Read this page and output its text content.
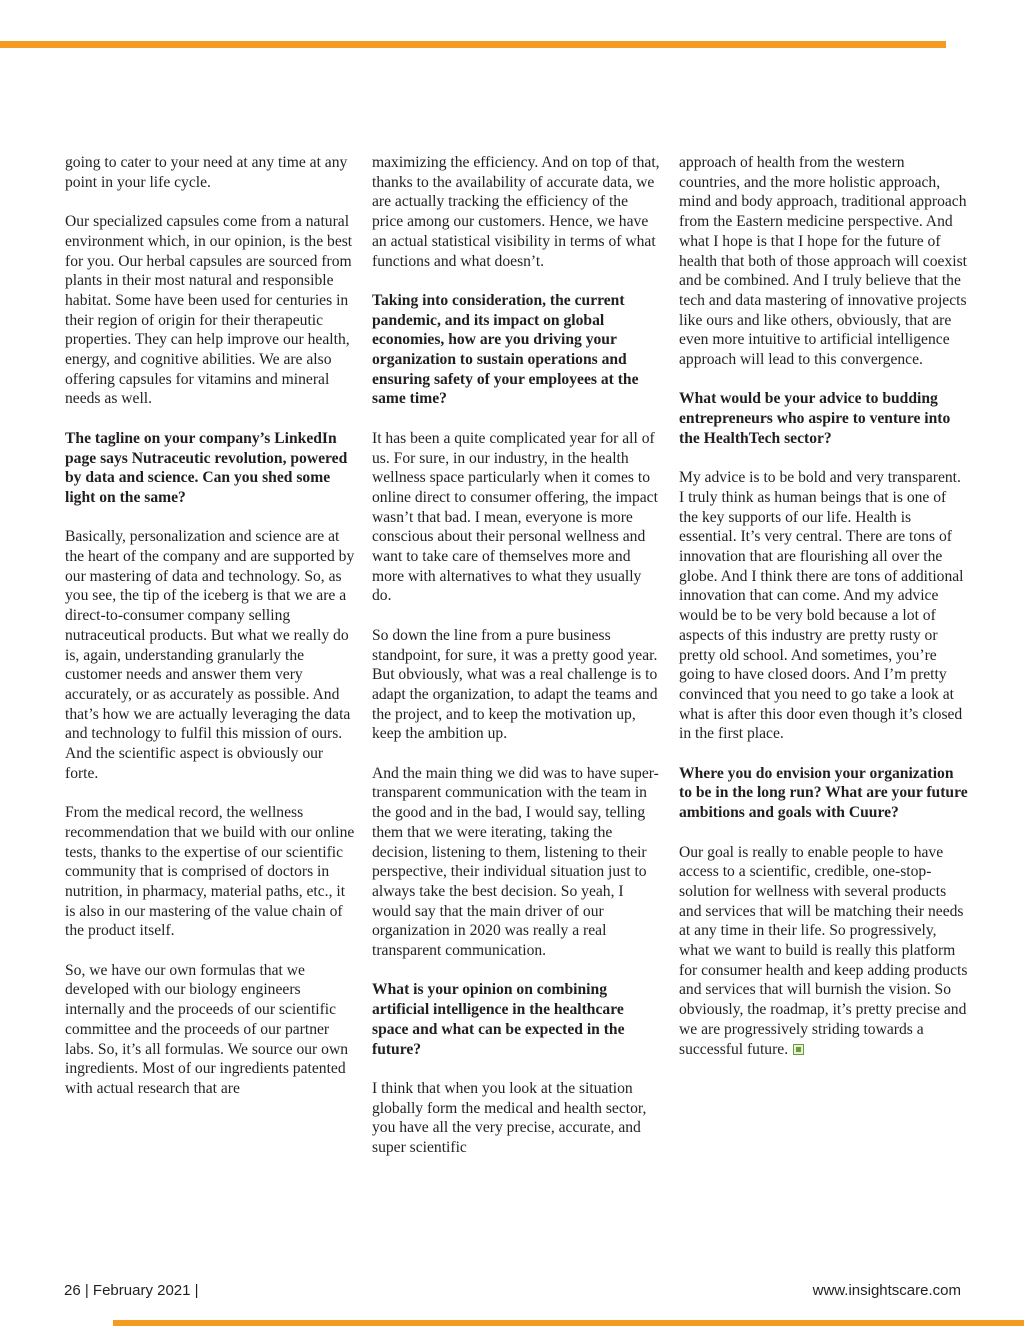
going to cater to your need at any time at any point in your life cycle.

Our specialized capsules come from a natural environment which, in our opinion, is the best for you. Our herbal capsules are sourced from plants in their most natural and responsible habitat. Some have been used for centuries in their region of origin for their therapeutic properties. They can help improve our health, energy, and cognitive abilities. We are also offering capsules for vitamins and mineral needs as well.

The tagline on your company’s LinkedIn page says Nutraceutic revolution, powered by data and science. Can you shed some light on the same?

Basically, personalization and science are at the heart of the company and are supported by our mastering of data and technology. So, as you see, the tip of the iceberg is that we are a direct-to-consumer company selling nutraceutical products. But what we really do is, again, understanding granularly the customer needs and answer them very accurately, or as accurately as possible. And that’s how we are actually leveraging the data and technology to fulfil this mission of ours. And the scientific aspect is obviously our forte.

From the medical record, the wellness recommendation that we build with our online tests, thanks to the expertise of our scientific community that is comprised of doctors in nutrition, in pharmacy, material paths, etc., it is also in our mastering of the value chain of the product itself.

So, we have our own formulas that we developed with our biology engineers internally and the proceeds of our scientific committee and the proceeds of our partner labs. So, it’s all formulas. We source our own ingredients. Most of our ingredients patented with actual research that are

maximizing the efficiency. And on top of that, thanks to the availability of accurate data, we are actually tracking the efficiency of the price among our customers. Hence, we have an actual statistical visibility in terms of what functions and what doesn’t.

Taking into consideration, the current pandemic, and its impact on global economies, how are you driving your organization to sustain operations and ensuring safety of your employees at the same time?

It has been a quite complicated year for all of us. For sure, in our industry, in the health wellness space particularly when it comes to online direct to consumer offering, the impact wasn’t that bad. I mean, everyone is more conscious about their personal wellness and want to take care of themselves more and more with alternatives to what they usually do.

So down the line from a pure business standpoint, for sure, it was a pretty good year. But obviously, what was a real challenge is to adapt the organization, to adapt the teams and the project, and to keep the motivation up, keep the ambition up.

And the main thing we did was to have super-transparent communication with the team in the good and in the bad, I would say, telling them that we were iterating, taking the decision, listening to them, listening to their perspective, their individual situation just to always take the best decision. So yeah, I would say that the main driver of our organization in 2020 was really a real transparent communication.

What is your opinion on combining artificial intelligence in the healthcare space and what can be expected in the future?

I think that when you look at the situation globally form the medical and health sector, you have all the very precise, accurate, and super scientific

approach of health from the western countries, and the more holistic approach, mind and body approach, traditional approach from the Eastern medicine perspective. And what I hope is that I hope for the future of health that both of those approach will coexist and be combined. And I truly believe that the tech and data mastering of innovative projects like ours and like others, obviously, that are even more intuitive to artificial intelligence approach will lead to this convergence.

What would be your advice to budding entrepreneurs who aspire to venture into the HealthTech sector?

My advice is to be bold and very transparent. I truly think as human beings that is one of the key supports of our life. Health is essential. It’s very central. There are tons of innovation that are flourishing all over the globe. And I think there are tons of additional innovation that can come. And my advice would be to be very bold because a lot of aspects of this industry are pretty rusty or pretty old school. And sometimes, you’re going to have closed doors. And I’m pretty convinced that you need to go take a look at what is after this door even though it’s closed in the first place.

Where you do envision your organization to be in the long run? What are your future ambitions and goals with Cuure?

Our goal is really to enable people to have access to a scientific, credible, one-stop-solution for wellness with several products and services that will be matching their needs at any time in their life. So progressively, what we want to build is really this platform for consumer health and keep adding products and services that will burnish the vision. So obviously, the roadmap, it’s pretty precise and we are progressively striding towards a successful future.

26 | February 2021 |	www.insightscare.com
